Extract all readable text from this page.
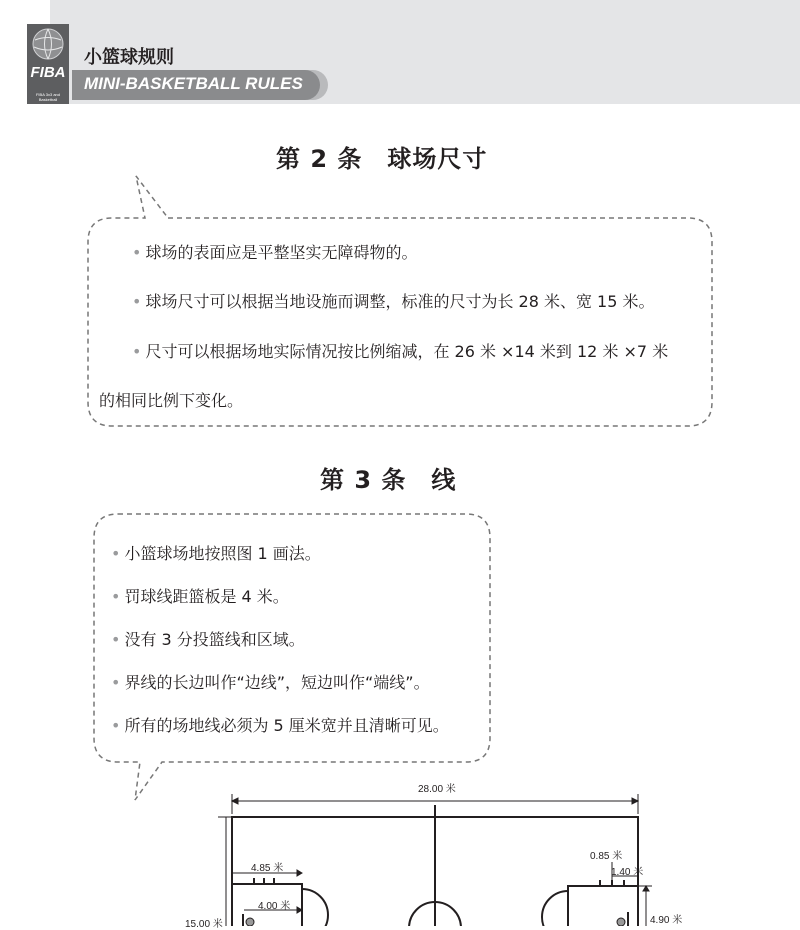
FIBA
FIBA 3x3 and Basketball
小篮球规则
MINI-BASKETBALL RULES
第 2 条　球场尺寸
• 球场的表面应是平整坚实无障碍物的。
• 球场尺寸可以根据当地设施而调整，标准的尺寸为长 28 米、宽 15 米。
• 尺寸可以根据场地实际情况按比例缩减，在 26 米 ×14 米到 12 米 ×7 米
的相同比例下变化。
第 3 条　线
• 小篮球场地按照图 1 画法。
• 罚球线距篮板是 4 米。
• 没有 3 分投篮线和区域。
• 界线的长边叫作“边线”，短边叫作“端线”。
• 所有的场地线必须为 5 厘米宽并且清晰可见。
28.00 米
15.00 米
4.85 米
4.00 米
0.85 米
1.40 米
4.90 米
